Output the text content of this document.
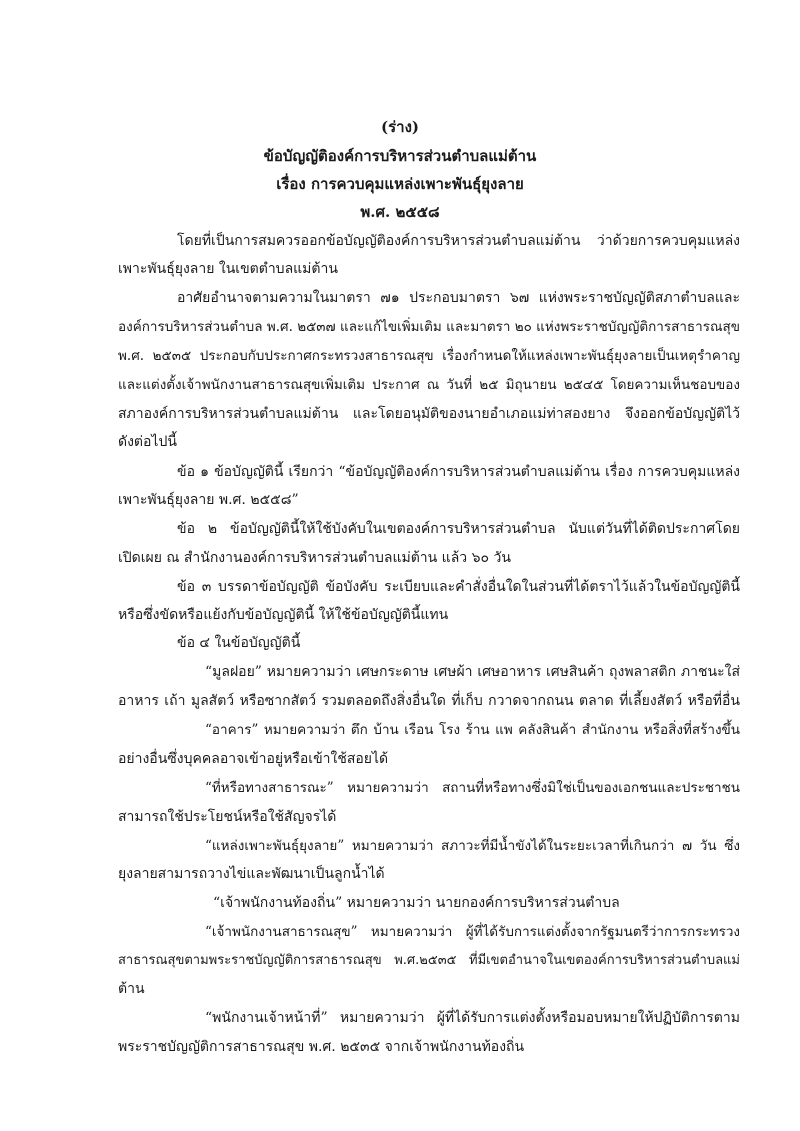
(ร่าง)
ข้อบัญญัติองค์การบริหารส่วนตำบลแม่ต้าน
เรื่อง การควบคุมแหล่งเพาะพันธุ์ยุงลาย
พ.ศ. ๒๕๕๘
โดยที่เป็นการสมควรออกข้อบัญญัติองค์การบริหารส่วนตำบลแม่ต้าน ว่าด้วยการควบคุมแหล่ง
เพาะพันธุ์ยุงลาย ในเขตตำบลแม่ต้าน
อาศัยอำนาจตามความในมาตรา ๗๑ ประกอบมาตรา ๖๗ แห่งพระราชบัญญัติสภาตำบลและ
องค์การบริหารส่วนตำบล พ.ศ. ๒๕๓๗ และแก้ไขเพิ่มเติม และมาตรา ๒๐ แห่งพระราชบัญญัติการสาธารณสุข
พ.ศ. ๒๕๓๕ ประกอบกับประกาศกระทรวงสาธารณสุข เรื่องกำหนดให้แหล่งเพาะพันธุ์ยุงลายเป็นเหตุรำคาญ
และแต่งตั้งเจ้าพนักงานสาธารณสุขเพิ่มเติม ประกาศ ณ วันที่ ๒๕ มิถุนายน ๒๕๔๕ โดยความเห็นชอบของ
สภาองค์การบริหารส่วนตำบลแม่ต้าน และโดยอนุมัติของนายอำเภอแม่ท่าสองยาง จึงออกข้อบัญญัติไว้
ดังต่อไปนี้
ข้อ ๑ ข้อบัญญัตินี้ เรียกว่า “ข้อบัญญัติองค์การบริหารส่วนตำบลแม่ต้าน เรื่อง การควบคุมแหล่ง
เพาะพันธุ์ยุงลาย พ.ศ. ๒๕๕๘”
ข้อ ๒ ข้อบัญญัตินี้ให้ใช้บังคับในเขตองค์การบริหารส่วนตำบล นับแต่วันที่ได้ติดประกาศโดย
เปิดเผย ณ สำนักงานองค์การบริหารส่วนตำบลแม่ต้าน แล้ว ๖๐ วัน
ข้อ ๓ บรรดาข้อบัญญัติ ข้อบังคับ ระเบียบและคำสั่งอื่นใดในส่วนที่ได้ตราไว้แล้วในข้อบัญญัตินี้
หรือซึ่งขัดหรือแย้งกับข้อบัญญัตินี้ ให้ใช้ข้อบัญญัตินี้แทน
ข้อ ๔ ในข้อบัญญัตินี้
“มูลฝอย” หมายความว่า เศษกระดาษ เศษผ้า เศษอาหาร เศษสินค้า ถุงพลาสติก ภาชนะใส่
อาหาร เถ้า มูลสัตว์ หรือซากสัตว์ รวมตลอดถึงสิ่งอื่นใด ที่เก็บ กวาดจากถนน ตลาด ที่เลี้ยงสัตว์ หรือที่อื่น
“อาคาร” หมายความว่า ตึก บ้าน เรือน โรง ร้าน แพ คลังสินค้า สำนักงาน หรือสิ่งที่สร้างขึ้น
อย่างอื่นซึ่งบุคคลอาจเข้าอยู่หรือเข้าใช้สอยได้
“ที่หรือทางสาธารณะ” หมายความว่า สถานที่หรือทางซึ่งมิใช่เป็นของเอกชนและประชาชน
สามารถใช้ประโยชน์หรือใช้สัญจรได้
“แหล่งเพาะพันธุ์ยุงลาย” หมายความว่า สภาวะที่มีน้ำขังได้ในระยะเวลาที่เกินกว่า ๗ วัน ซึ่ง
ยุงลายสามารถวางไข่และพัฒนาเป็นลูกน้ำได้
“เจ้าพนักงานท้องถิ่น” หมายความว่า นายกองค์การบริหารส่วนตำบล
“เจ้าพนักงานสาธารณสุข” หมายความว่า ผู้ที่ได้รับการแต่งตั้งจากรัฐมนตรีว่าการกระทรวง
สาธารณสุขตามพระราชบัญญัติการสาธารณสุข พ.ศ.๒๕๓๕ ที่มีเขตอำนาจในเขตองค์การบริหารส่วนตำบลแม่
ต้าน
“พนักงานเจ้าหน้าที่” หมายความว่า ผู้ที่ได้รับการแต่งตั้งหรือมอบหมายให้ปฏิบัติการตาม
พระราชบัญญัติการสาธารณสุข พ.ศ. ๒๕๓๕ จากเจ้าพนักงานท้องถิ่น
